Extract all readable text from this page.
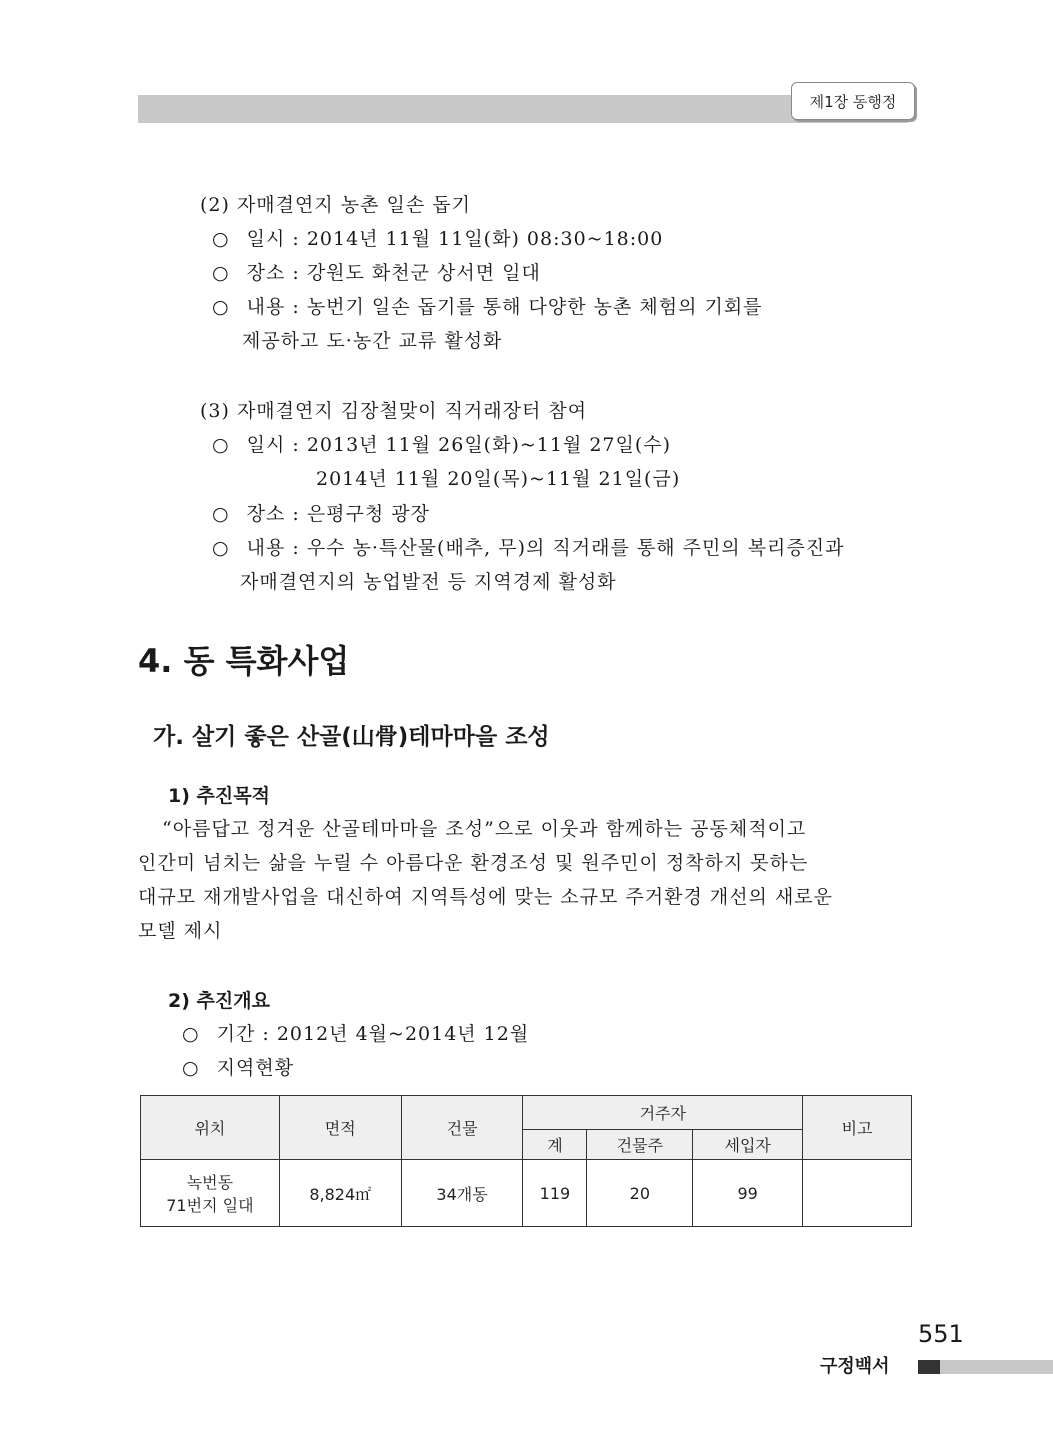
제1장 동행정
(2) 자매결연지 농촌 일손 돕기
○ 일시 : 2014년 11월 11일(화) 08:30~18:00
○ 장소 : 강원도 화천군 상서면 일대
○ 내용 : 농번기 일손 돕기를 통해 다양한 농촌 체험의 기회를
제공하고 도·농간 교류 활성화
(3) 자매결연지 김장철맞이 직거래장터 참여
○ 일시 : 2013년 11월 26일(화)~11월 27일(수)
2014년 11월 20일(목)~11월 21일(금)
○ 장소 : 은평구청 광장
○ 내용 : 우수 농·특산물(배추, 무)의 직거래를 통해 주민의 복리증진과
자매결연지의 농업발전 등 지역경제 활성화
4. 동 특화사업
가. 살기 좋은 산골(山骨)테마마을 조성
1) 추진목적
“아름답고 정겨운 산골테마마을 조성”으로 이웃과 함께하는 공동체적이고
인간미 넘치는 삶을 누릴 수 아름다운 환경조성 및 원주민이 정착하지 못하는
대규모 재개발사업을 대신하여 지역특성에 맞는 소규모 주거환경 개선의 새로운
모델 제시
2) 추진개요
○ 기간 : 2012년 4월~2014년 12월
○ 지역현황
위치	면적	건물	거주자			비고
			계	건물주	세입자	

녹번동
71번지 일대	8,824㎡	34개동	119	20	99	
551
구정백서
